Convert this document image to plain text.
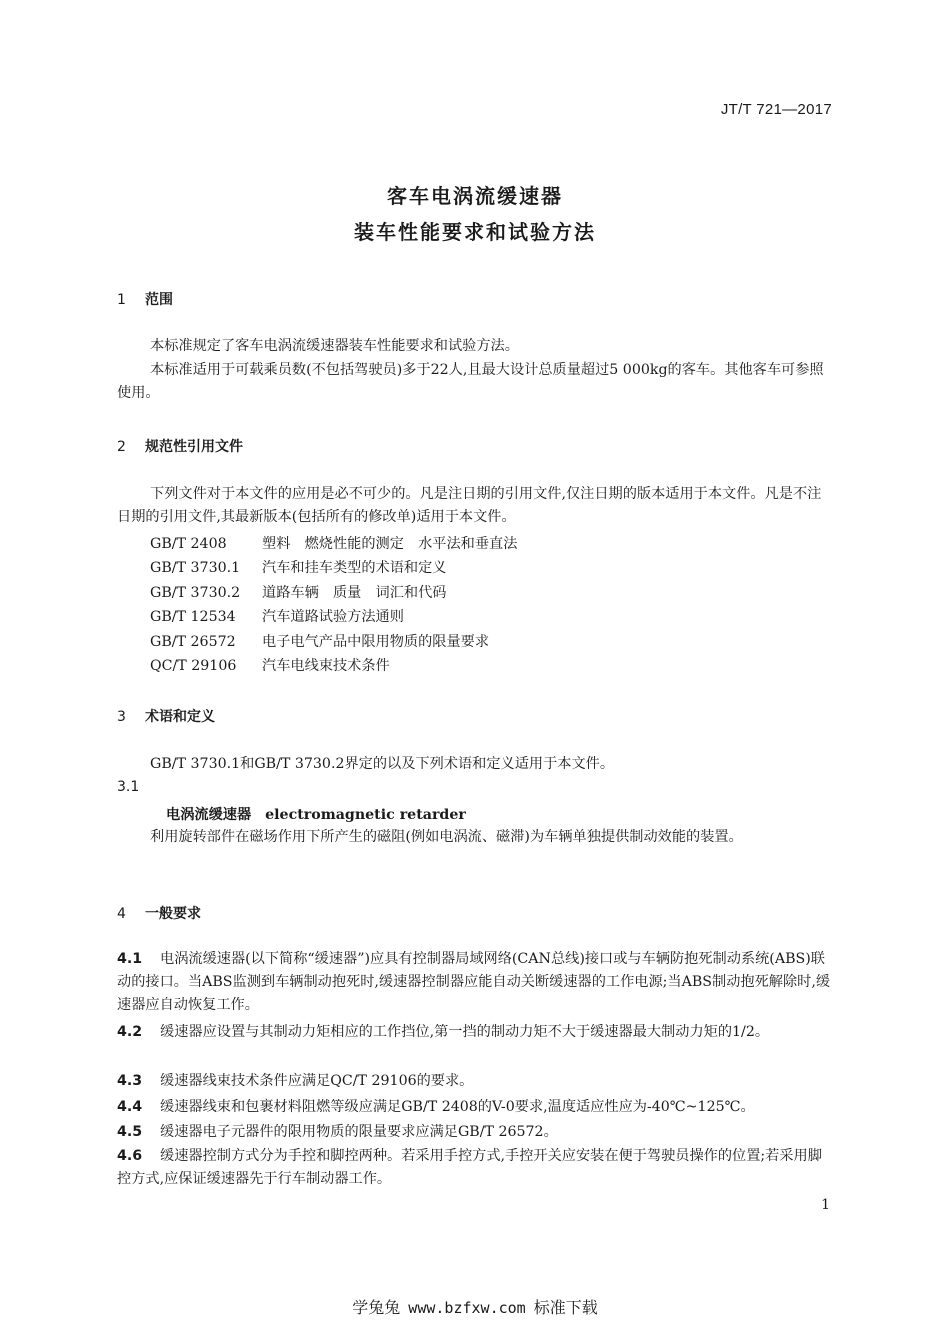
JT/T 721—2017
客车电涡流缓速器
装车性能要求和试验方法
1 范围
本标准规定了客车电涡流缓速器装车性能要求和试验方法。
本标准适用于可载乘员数(不包括驾驶员)多于22人,且最大设计总质量超过5 000kg的客车。其他客车可参照使用。
2 规范性引用文件
下列文件对于本文件的应用是必不可少的。凡是注日期的引用文件,仅注日期的版本适用于本文件。凡是不注日期的引用文件,其最新版本(包括所有的修改单)适用于本文件。
GB/T 2408 塑料　燃烧性能的测定　水平法和垂直法
GB/T 3730.1 汽车和挂车类型的术语和定义
GB/T 3730.2 道路车辆　质量　词汇和代码
GB/T 12534 汽车道路试验方法通则
GB/T 26572 电子电气产品中限用物质的限量要求
QC/T 29106 汽车电线束技术条件
3 术语和定义
GB/T 3730.1和GB/T 3730.2界定的以及下列术语和定义适用于本文件。
3.1
电涡流缓速器 electromagnetic retarder
利用旋转部件在磁场作用下所产生的磁阻(例如电涡流、磁滞)为车辆单独提供制动效能的装置。
4 一般要求
4.1 电涡流缓速器(以下简称“缓速器”)应具有控制器局域网络(CAN总线)接口或与车辆防抱死制动系统(ABS)联动的接口。当ABS监测到车辆制动抱死时,缓速器控制器应能自动关断缓速器的工作电源;当ABS制动抱死解除时,缓速器应自动恢复工作。
4.2 缓速器应设置与其制动力矩相应的工作挡位,第一挡的制动力矩不大于缓速器最大制动力矩的1/2。
4.3 缓速器线束技术条件应满足QC/T 29106的要求。
4.4 缓速器线束和包裹材料阻燃等级应满足GB/T 2408的V-0要求,温度适应性应为-40℃~125℃。
4.5 缓速器电子元器件的限用物质的限量要求应满足GB/T 26572。
4.6 缓速器控制方式分为手控和脚控两种。若采用手控方式,手控开关应安装在便于驾驶员操作的位置;若采用脚控方式,应保证缓速器先于行车制动器工作。
1
学兔兔 www.bzfxw.com 标准下载
